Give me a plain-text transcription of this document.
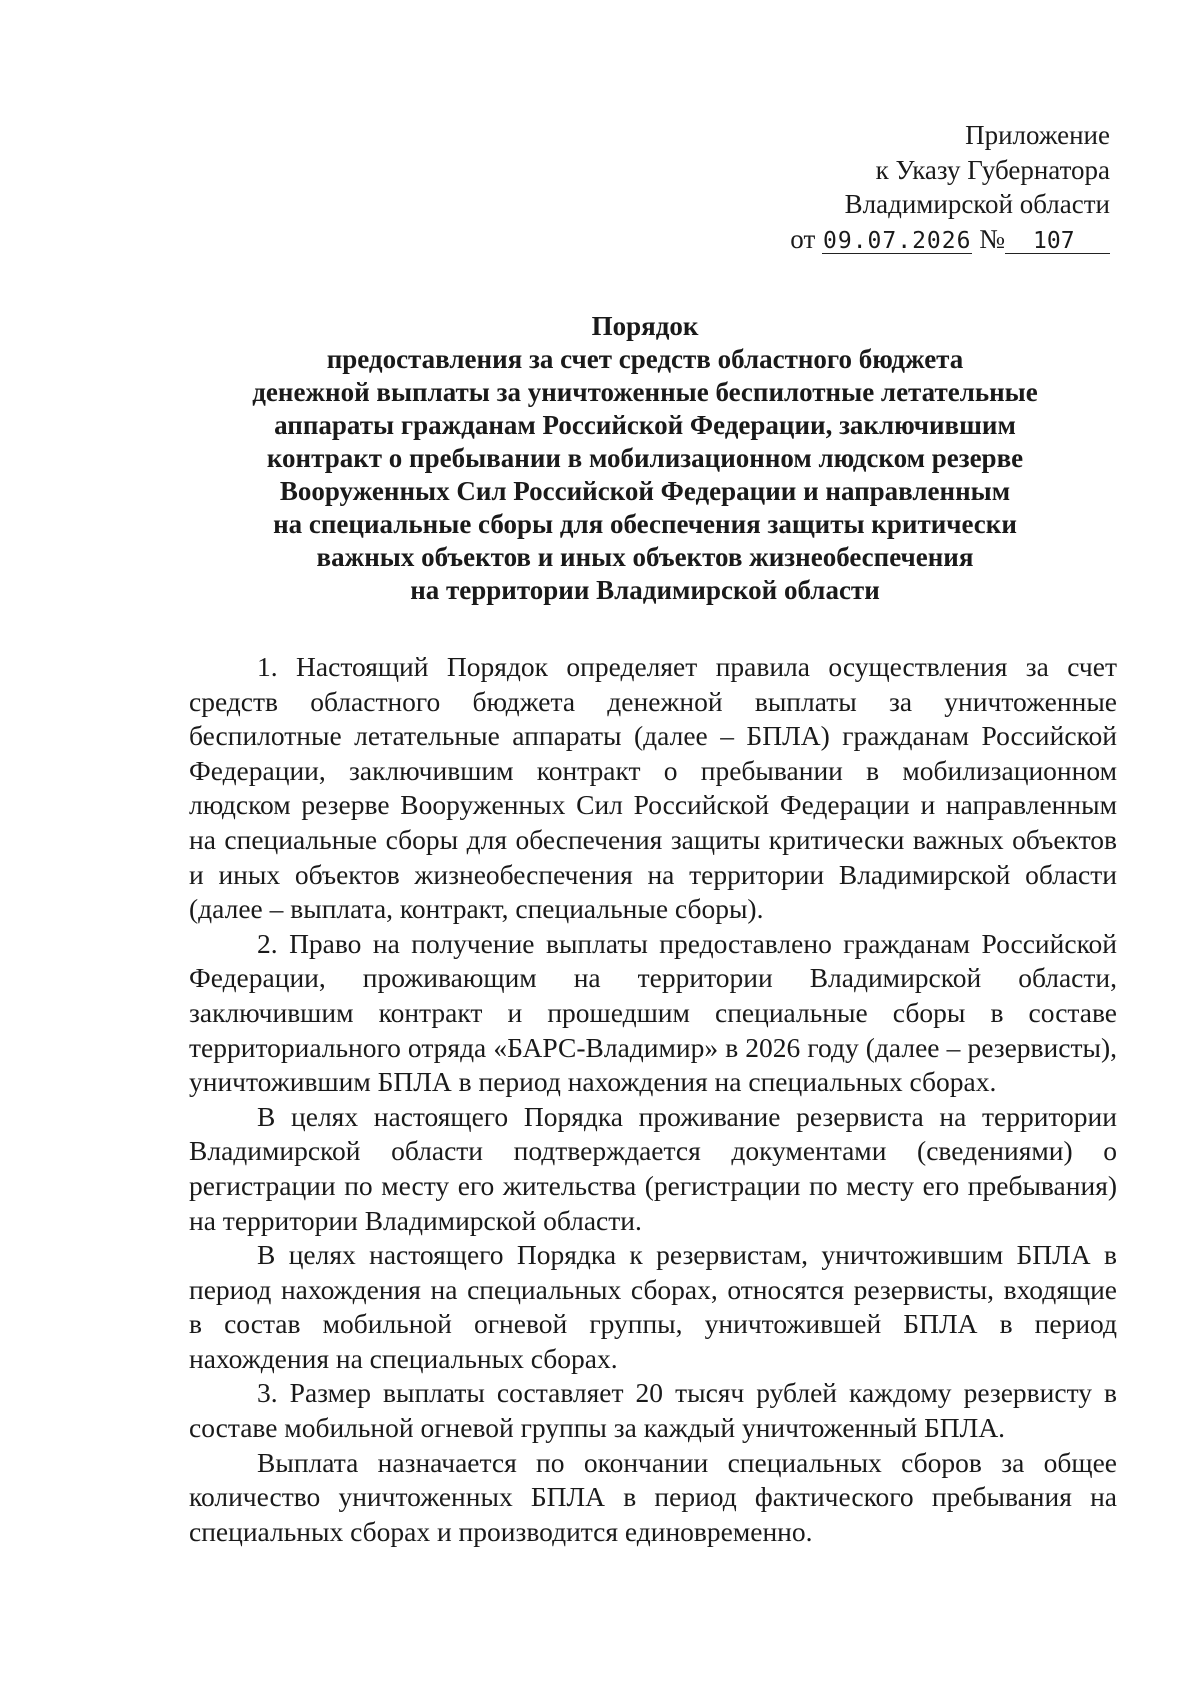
Приложение
к Указу Губернатора
Владимирской области
от 09.07.2026 № 107
Порядок
предоставления за счет средств областного бюджета
денежной выплаты за уничтоженные беспилотные летательные
аппараты гражданам Российской Федерации, заключившим
контракт о пребывании в мобилизационном людском резерве
Вооруженных Сил Российской Федерации и направленным
на специальные сборы для обеспечения защиты критически
важных объектов и иных объектов жизнеобеспечения
на территории Владимирской области

1. Настоящий Порядок определяет правила осуществления за счет средств областного бюджета денежной выплаты за уничтоженные беспилотные летательные аппараты (далее – БПЛА) гражданам Российской Федерации, заключившим контракт о пребывании в мобилизационном людском резерве Вооруженных Сил Российской Федерации и направленным на специальные сборы для обеспечения защиты критически важных объектов и иных объектов жизнеобеспечения на территории Владимирской области (далее – выплата, контракт, специальные сборы).

2. Право на получение выплаты предоставлено гражданам Российской Федерации, проживающим на территории Владимирской области, заключившим контракт и прошедшим специальные сборы в составе территориального отряда «БАРС-Владимир» в 2026 году (далее – резервисты), уничтожившим БПЛА в период нахождения на специальных сборах.

В целях настоящего Порядка проживание резервиста на территории Владимирской области подтверждается документами (сведениями) о регистрации по месту его жительства (регистрации по месту его пребывания) на территории Владимирской области.

В целях настоящего Порядка к резервистам, уничтожившим БПЛА в период нахождения на специальных сборах, относятся резервисты, входящие в состав мобильной огневой группы, уничтожившей БПЛА в период нахождения на специальных сборах.

3. Размер выплаты составляет 20 тысяч рублей каждому резервисту в составе мобильной огневой группы за каждый уничтоженный БПЛА.

Выплата назначается по окончании специальных сборов за общее количество уничтоженных БПЛА в период фактического пребывания на специальных сборах и производится единовременно.
